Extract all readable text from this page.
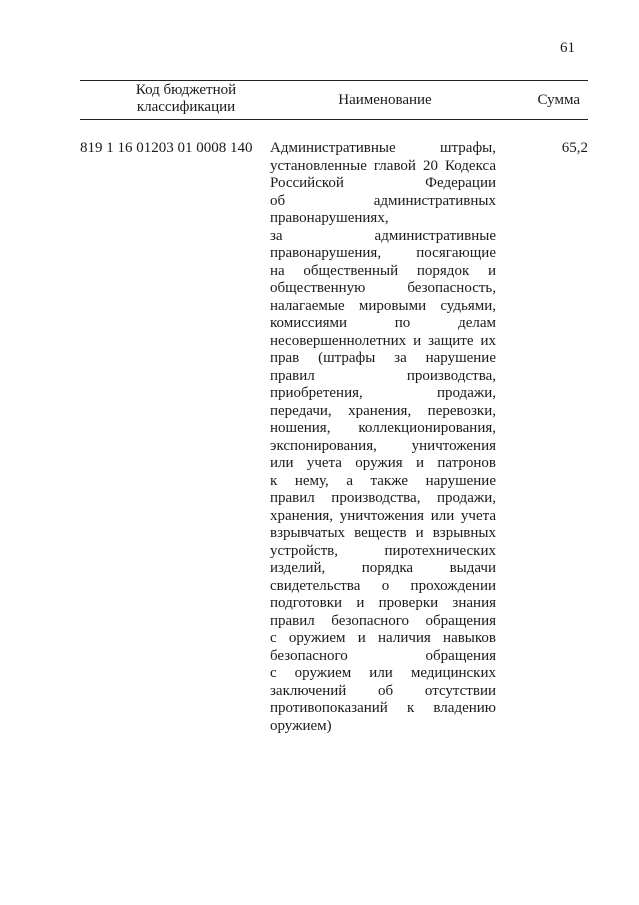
61
Код бюджетной классификации	Наименование	Сумма
819 1 16 01203 01 0008 140 Административные штрафы,
установленные главой 20 Кодекса
Российской Федерации
об административных
правонарушениях,
за административные
правонарушения, посягающие
на общественный порядок и
общественную безопасность,
налагаемые мировыми судьями,
комиссиями по делам
несовершеннолетних и защите их
прав (штрафы за нарушение
правил производства,
приобретения, продажи,
передачи, хранения, перевозки,
ношения, коллекционирования,
экспонирования, уничтожения
или учета оружия и патронов
к нему, а также нарушение
правил производства, продажи,
хранения, уничтожения или учета
взрывчатых веществ и взрывных
устройств, пиротехнических
изделий, порядка выдачи
свидетельства о прохождении
подготовки и проверки знания
правил безопасного обращения
с оружием и наличия навыков
безопасного обращения
с оружием или медицинских
заключений об отсутствии
противопоказаний к владению
оружием)
65,2
